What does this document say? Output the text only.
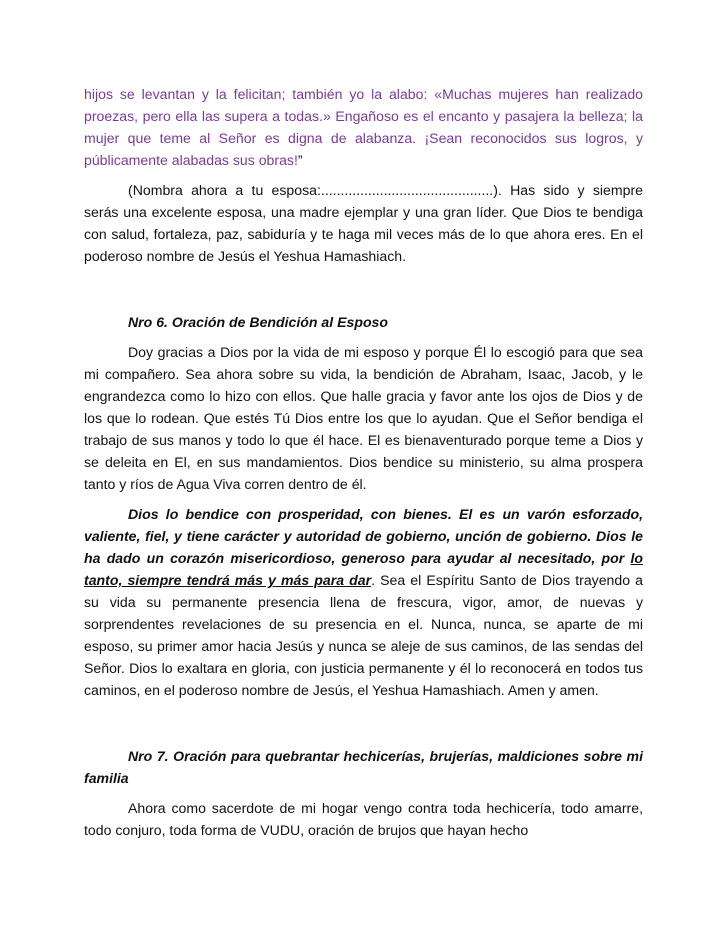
hijos se levantan y la felicitan; también yo la alabo: «Muchas mujeres han realizado proezas, pero ella las supera a todas.» Engañoso es el encanto y pasajera la belleza; la mujer que teme al Señor es digna de alabanza. ¡Sean reconocidos sus logros, y públicamente alabadas sus obras!”

(Nombra ahora a tu esposa:............................................). Has sido y siempre serás una excelente esposa, una madre ejemplar y una gran líder. Que Dios te bendiga con salud, fortaleza, paz, sabiduría y te haga mil veces más de lo que ahora eres. En el poderoso nombre de Jesús el Yeshua Hamashiach.

Nro 6. Oración de Bendición al Esposo

Doy gracias a Dios por la vida de mi esposo y porque Él lo escogió para que sea mi compañero. Sea ahora sobre su vida, la bendición de Abraham, Isaac, Jacob, y le engrandezca como lo hizo con ellos. Que halle gracia y favor ante los ojos de Dios y de los que lo rodean. Que estés Tú Dios entre los que lo ayudan. Que el Señor bendiga el trabajo de sus manos y todo lo que él hace. El es bienaventurado porque teme a Dios y se deleita en El, en sus mandamientos. Dios bendice su ministerio, su alma prospera tanto y ríos de Agua Viva corren dentro de él.

Dios lo bendice con prosperidad, con bienes. El es un varón esforzado, valiente, fiel, y tiene carácter y autoridad de gobierno, unción de gobierno. Dios le ha dado un corazón misericordioso, generoso para ayudar al necesitado, por lo tanto, siempre tendrá más y más para dar. Sea el Espíritu Santo de Dios trayendo a su vida su permanente presencia llena de frescura, vigor, amor, de nuevas y sorprendentes revelaciones de su presencia en el. Nunca, nunca, se aparte de mi esposo, su primer amor hacia Jesús y nunca se aleje de sus caminos, de las sendas del Señor. Dios lo exaltara en gloria, con justicia permanente y él lo reconocerá en todos tus caminos, en el poderoso nombre de Jesús, el Yeshua Hamashiach. Amen y amen.

Nro 7. Oración para quebrantar hechicerías, brujerías, maldiciones sobre mi familia

Ahora como sacerdote de mi hogar vengo contra toda hechicería, todo amarre, todo conjuro, toda forma de VUDU, oración de brujos que hayan hecho
